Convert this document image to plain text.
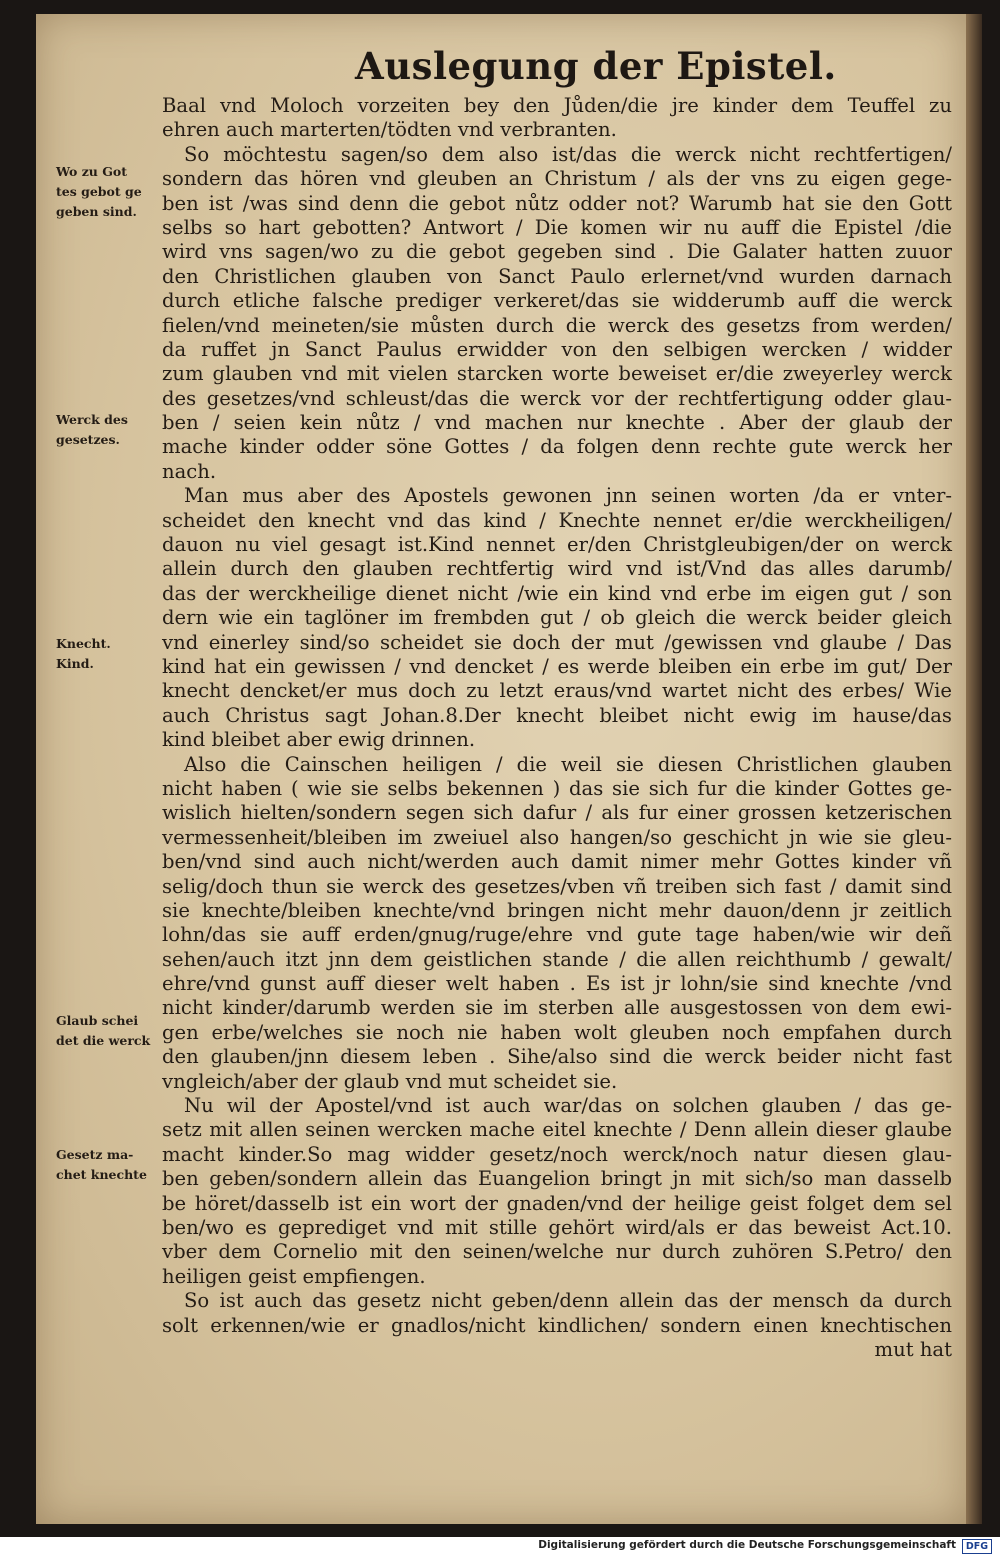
Auslegung der Epistel.
Baal vnd Moloch vorzeiten bey den Jůden/die jre kinder dem Teuffel zu
ehren auch marterten/tödten vnd verbranten.
So möchtestu sagen/so dem also ist/das die werck nicht rechtfertigen/
sondern das hören vnd gleuben an Christum / als der vns zu eigen gege-
ben ist /was sind denn die gebot nůtz odder not? Warumb hat sie den Gott
selbs so hart gebotten? Antwort / Die komen wir nu auff die Epistel /die
wird vns sagen/wo zu die gebot gegeben sind . Die Galater hatten zuuor
den Christlichen glauben von Sanct Paulo erlernet/vnd wurden darnach
durch etliche falsche prediger verkeret/das sie widderumb auff die werck
fielen/vnd meineten/sie můsten durch die werck des gesetzs from werden/
da ruffet jn Sanct Paulus erwidder von den selbigen wercken / widder
zum glauben vnd mit vielen starcken worte beweiset er/die zweyerley werck
des gesetzes/vnd schleust/das die werck vor der rechtfertigung odder glau-
ben / seien kein nůtz / vnd machen nur knechte . Aber der glaub der
mache kinder odder söne Gottes / da folgen denn rechte gute werck her
nach.
Man mus aber des Apostels gewonen jnn seinen worten /da er vnter-
scheidet den knecht vnd das kind / Knechte nennet er/die werckheiligen/
dauon nu viel gesagt ist.Kind nennet er/den Christgleubigen/der on werck
allein durch den glauben rechtfertig wird vnd ist/Vnd das alles darumb/
das der werckheilige dienet nicht /wie ein kind vnd erbe im eigen gut / son
dern wie ein taglöner im frembden gut / ob gleich die werck beider gleich
vnd einerley sind/so scheidet sie doch der mut /gewissen vnd glaube / Das
kind hat ein gewissen / vnd dencket / es werde bleiben ein erbe im gut/ Der
knecht dencket/er mus doch zu letzt eraus/vnd wartet nicht des erbes/ Wie
auch Christus sagt Johan.8.Der knecht bleibet nicht ewig im hause/das
kind bleibet aber ewig drinnen.
Also die Cainschen heiligen / die weil sie diesen Christlichen glauben
nicht haben ( wie sie selbs bekennen ) das sie sich fur die kinder Gottes ge-
wislich hielten/sondern segen sich dafur / als fur einer grossen ketzerischen
vermessenheit/bleiben im zweiuel also hangen/so geschicht jn wie sie gleu-
ben/vnd sind auch nicht/werden auch damit nimer mehr Gottes kinder vñ
selig/doch thun sie werck des gesetzes/vben vñ treiben sich fast / damit sind
sie knechte/bleiben knechte/vnd bringen nicht mehr dauon/denn jr zeitlich
lohn/das sie auff erden/gnug/ruge/ehre vnd gute tage haben/wie wir deñ
sehen/auch itzt jnn dem geistlichen stande / die allen reichthumb / gewalt/
ehre/vnd gunst auff dieser welt haben . Es ist jr lohn/sie sind knechte /vnd
nicht kinder/darumb werden sie im sterben alle ausgestossen von dem ewi-
gen erbe/welches sie noch nie haben wolt gleuben noch empfahen durch
den glauben/jnn diesem leben . Sihe/also sind die werck beider nicht fast
vngleich/aber der glaub vnd mut scheidet sie.
Nu wil der Apostel/vnd ist auch war/das on solchen glauben / das ge-
setz mit allen seinen wercken mache eitel knechte / Denn allein dieser glaube
macht kinder.So mag widder gesetz/noch werck/noch natur diesen glau-
ben geben/sondern allein das Euangelion bringt jn mit sich/so man dasselb
be höret/dasselb ist ein wort der gnaden/vnd der heilige geist folget dem sel
ben/wo es geprediget vnd mit stille gehört wird/als er das beweist Act.10.
vber dem Cornelio mit den seinen/welche nur durch zuhören S.Petro/ den
heiligen geist empfiengen.
So ist auch das gesetz nicht geben/denn allein das der mensch da durch
solt erkennen/wie er gnadlos/nicht kindlichen/ sondern einen knechtischen
mut hat
Wo zu Got
tes gebot ge
geben sind.
Werck des
gesetzes.
Knecht.
Kind.
Glaub schei
det die werck
Gesetz ma-
chet knechte
Digitalisierung gefördert durch die Deutsche Forschungsgemeinschaft	DFG
